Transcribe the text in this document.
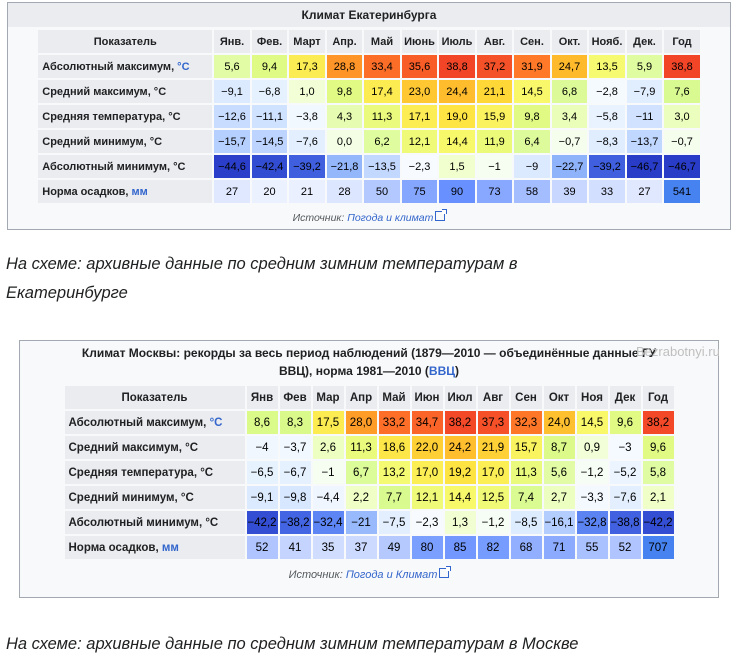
Климат Екатеринбурга
Показатель	Янв.	Фев.	Март	Апр.	Май	Июнь	Июль	Авг.	Сен.	Окт.	Нояб.	Дек.	Год
Абсолютный максимум, °C	5,6	9,4	17,3	28,8	33,4	35,6	38,8	37,2	31,9	24,7	13,5	5,9	38,8
Средний максимум, °C	−9,1	−6,8	1,0	9,8	17,4	23,0	24,4	21,1	14,5	6,8	−2,8	−7,9	7,6
Средняя температура, °C	−12,6	−11,1	−3,8	4,3	11,3	17,1	19,0	15,9	9,8	3,4	−5,8	−11	3,0
Средний минимум, °C	−15,7	−14,5	−7,6	0,0	6,2	12,1	14,4	11,9	6,4	−0,7	−8,3	−13,7	−0,7
Абсолютный минимум, °C	−44,6	−42,4	−39,2	−21,8	−13,5	−2,3	1,5	−1	−9	−22,7	−39,2	−46,7	−46,7
Норма осадков, мм	27	20	21	28	50	75	90	73	58	39	33	27	541
Источник: Погода и климат
На схеме: архивные данные по средним зимним температурам в
Екатеринбурге
Климат Москвы: рекорды за весь период наблюдений (1879—2010 — объединённые данные ГУ
ВВЦ), норма 1981—2010 (ВВЦ)
Показатель	Янв	Фев	Мар	Апр	Май	Июн	Июл	Авг	Сен	Окт	Ноя	Дек	Год
Абсолютный максимум, °C	8,6	8,3	17,5	28,0	33,2	34,7	38,2	37,3	32,3	24,0	14,5	9,6	38,2
Средний максимум, °C	−4	−3,7	2,6	11,3	18,6	22,0	24,2	21,9	15,7	8,7	0,9	−3	9,6
Средняя температура, °C	−6,5	−6,7	−1	6,7	13,2	17,0	19,2	17,0	11,3	5,6	−1,2	−5,2	5,8
Средний минимум, °C	−9,1	−9,8	−4,4	2,2	7,7	12,1	14,4	12,5	7,4	2,7	−3,3	−7,6	2,1
Абсолютный минимум, °C	−42,2	−38,2	−32,4	−21	−7,5	−2,3	1,3	−1,2	−8,5	−16,1	−32,8	−38,8	−42,2
Норма осадков, мм	52	41	35	37	49	80	85	82	68	71	55	52	707
Источник: Погода и Климат
Bezrabotnyi.ru
На схеме: архивные данные по средним зимним температурам в Москве
